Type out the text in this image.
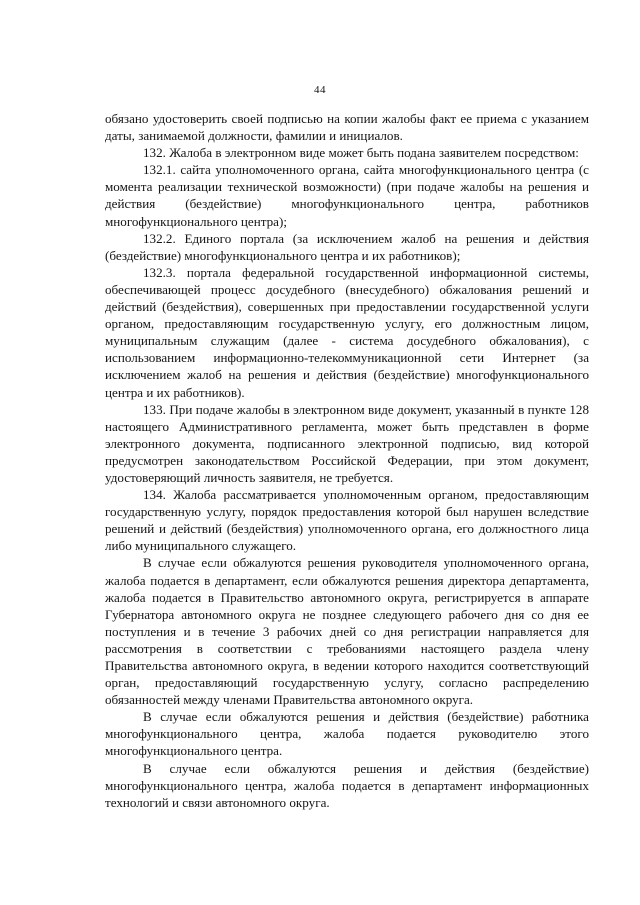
44

обязано удостоверить своей подписью на копии жалобы факт ее приема с указанием даты, занимаемой должности, фамилии и инициалов.

132. Жалоба в электронном виде может быть подана заявителем посредством:

132.1. сайта уполномоченного органа, сайта многофункционального центра (с момента реализации технической возможности) (при подаче жалобы на решения и действия (бездействие) многофункционального центра, работников многофункционального центра);

132.2. Единого портала (за исключением жалоб на решения и действия (бездействие) многофункционального центра и их работников);

132.3. портала федеральной государственной информационной системы, обеспечивающей процесс досудебного (внесудебного) обжалования решений и действий (бездействия), совершенных при предоставлении государственной услуги органом, предоставляющим государственную услугу, его должностным лицом, муниципальным служащим (далее - система досудебного обжалования), с использованием информационно-телекоммуникационной сети Интернет (за исключением жалоб на решения и действия (бездействие) многофункционального центра и их работников).

133. При подаче жалобы в электронном виде документ, указанный в пункте 128 настоящего Административного регламента, может быть представлен в форме электронного документа, подписанного электронной подписью, вид которой предусмотрен законодательством Российской Федерации, при этом документ, удостоверяющий личность заявителя, не требуется.

134. Жалоба рассматривается уполномоченным органом, предоставляющим государственную услугу, порядок предоставления которой был нарушен вследствие решений и действий (бездействия) уполномоченного органа, его должностного лица либо муниципального служащего.

В случае если обжалуются решения руководителя уполномоченного органа, жалоба подается в департамент, если обжалуются решения директора департамента, жалоба подается в Правительство автономного округа, регистрируется в аппарате Губернатора автономного округа не позднее следующего рабочего дня со дня ее поступления и в течение 3 рабочих дней со дня регистрации направляется для рассмотрения в соответствии с требованиями настоящего раздела члену Правительства автономного округа, в ведении которого находится соответствующий орган, предоставляющий государственную услугу, согласно распределению обязанностей между членами Правительства автономного округа.

В случае если обжалуются решения и действия (бездействие) работника многофункционального центра, жалоба подается руководителю этого многофункционального центра.

В случае если обжалуются решения и действия (бездействие) многофункционального центра, жалоба подается в департамент информационных технологий и связи автономного округа.
